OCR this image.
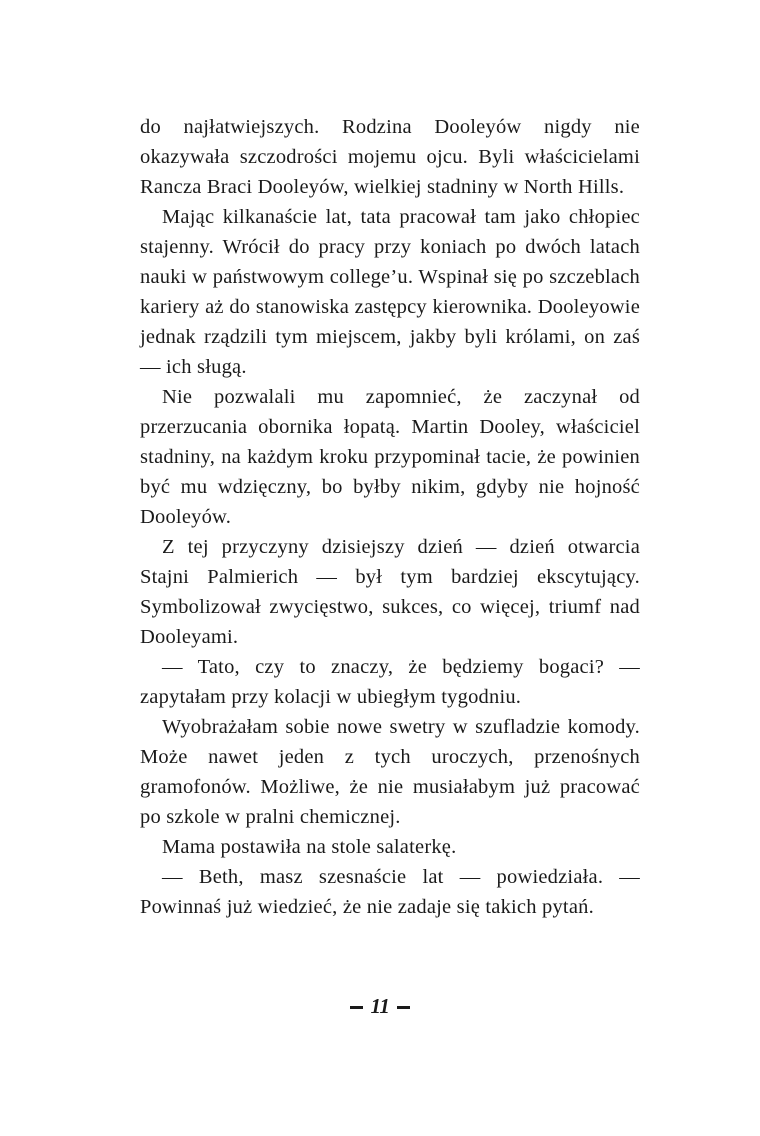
do najłatwiejszych. Rodzina Dooleyów nigdy nie okazywała szczodrości mojemu ojcu. Byli właścicielami Rancza Braci Dooleyów, wielkiej stadniny w North Hills.

Mając kilkanaście lat, tata pracował tam jako chłopiec stajenny. Wrócił do pracy przy koniach po dwóch latach nauki w państwowym college’u. Wspinał się po szczeblach kariery aż do stanowiska zastępcy kierownika. Dooleyowie jednak rządzili tym miejscem, jakby byli królami, on zaś — ich sługą.

Nie pozwalali mu zapomnieć, że zaczynał od przerzucania obornika łopatą. Martin Dooley, właściciel stadniny, na każdym kroku przypominał tacie, że powinien być mu wdzięczny, bo byłby nikim, gdyby nie hojność Dooleyów.

Z tej przyczyny dzisiejszy dzień — dzień otwarcia Stajni Palmierich — był tym bardziej ekscytujący. Symbolizował zwycięstwo, sukces, co więcej, triumf nad Dooleyami.

— Tato, czy to znaczy, że będziemy bogaci? — zapytałam przy kolacji w ubiegłym tygodniu.

Wyobrażałam sobie nowe swetry w szufladzie komody. Może nawet jeden z tych uroczych, przenośnych gramofonów. Możliwe, że nie musiałabym już pracować po szkole w pralni chemicznej.

Mama postawiła na stole salaterkę.

— Beth, masz szesnaście lat — powiedziała. — Powinnaś już wiedzieć, że nie zadaje się takich pytań.

11
